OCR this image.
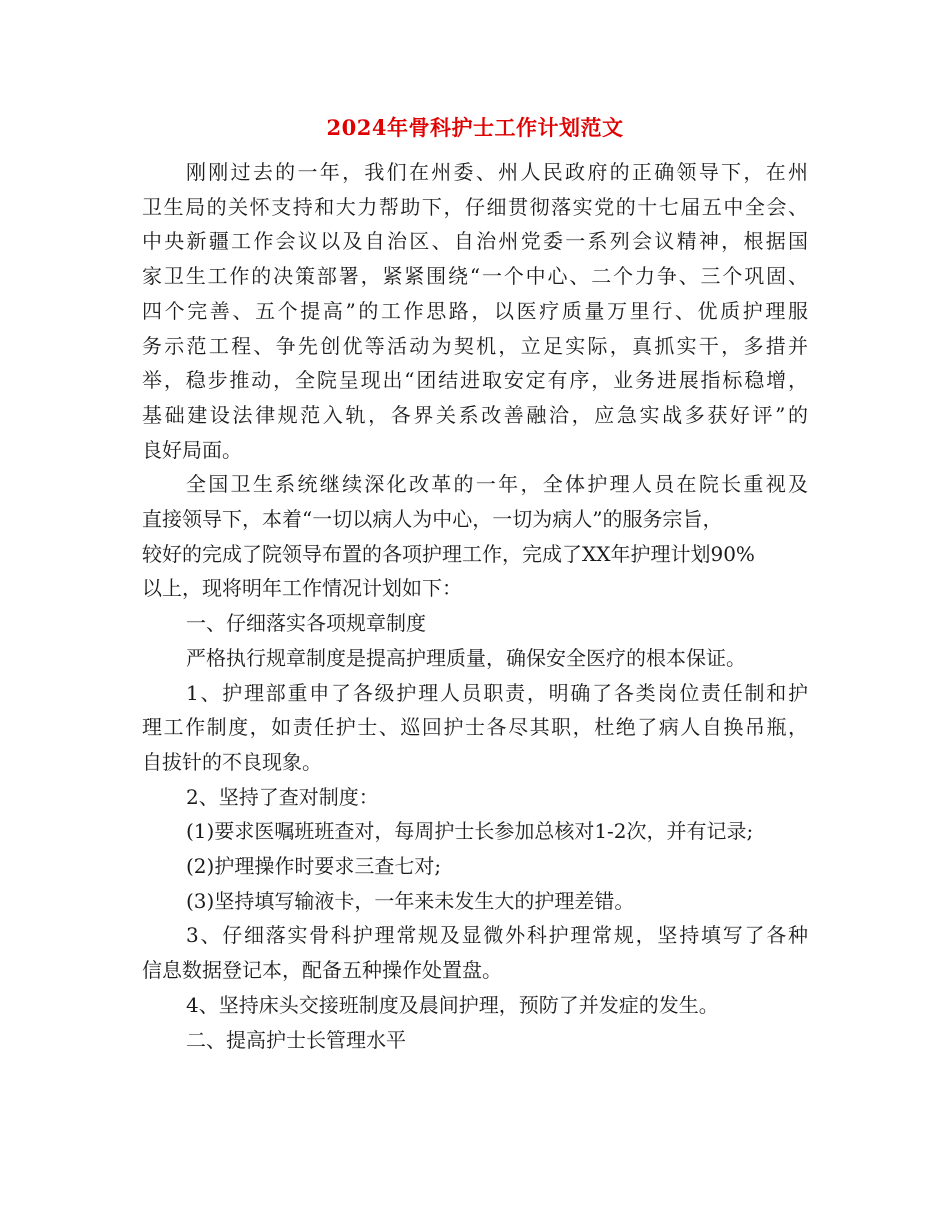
2024年骨科护士工作计划范文

刚刚过去的一年，我们在州委、州人民政府的正确领导下，在州
卫生局的关怀支持和大力帮助下，仔细贯彻落实党的十七届五中全会、
中央新疆工作会议以及自治区、自治州党委一系列会议精神，根据国
家卫生工作的决策部署，紧紧围绕“一个中心、二个力争、三个巩固、
四个完善、五个提高”的工作思路，以医疗质量万里行、优质护理服
务示范工程、争先创优等活动为契机，立足实际，真抓实干，多措并
举，稳步推动，全院呈现出“团结进取安定有序，业务进展指标稳增，
基础建设法律规范入轨，各界关系改善融洽，应急实战多获好评”的
良好局面。

全国卫生系统继续深化改革的一年，全体护理人员在院长重视及
直接领导下，本着“一切以病人为中心，一切为病人”的服务宗旨，
较好的完成了院领导布置的各项护理工作，完成了XX年护理计划90%
以上，现将明年工作情况计划如下：

一、仔细落实各项规章制度

严格执行规章制度是提高护理质量，确保安全医疗的根本保证。

1、护理部重申了各级护理人员职责，明确了各类岗位责任制和护
理工作制度，如责任护士、巡回护士各尽其职，杜绝了病人自换吊瓶，
自拔针的不良现象。

2、坚持了查对制度：

(1)要求医嘱班班查对，每周护士长参加总核对1-2次，并有记录;

(2)护理操作时要求三查七对;

(3)坚持填写输液卡，一年来未发生大的护理差错。

3、仔细落实骨科护理常规及显微外科护理常规，坚持填写了各种
信息数据登记本，配备五种操作处置盘。

4、坚持床头交接班制度及晨间护理，预防了并发症的发生。

二、提高护士长管理水平
